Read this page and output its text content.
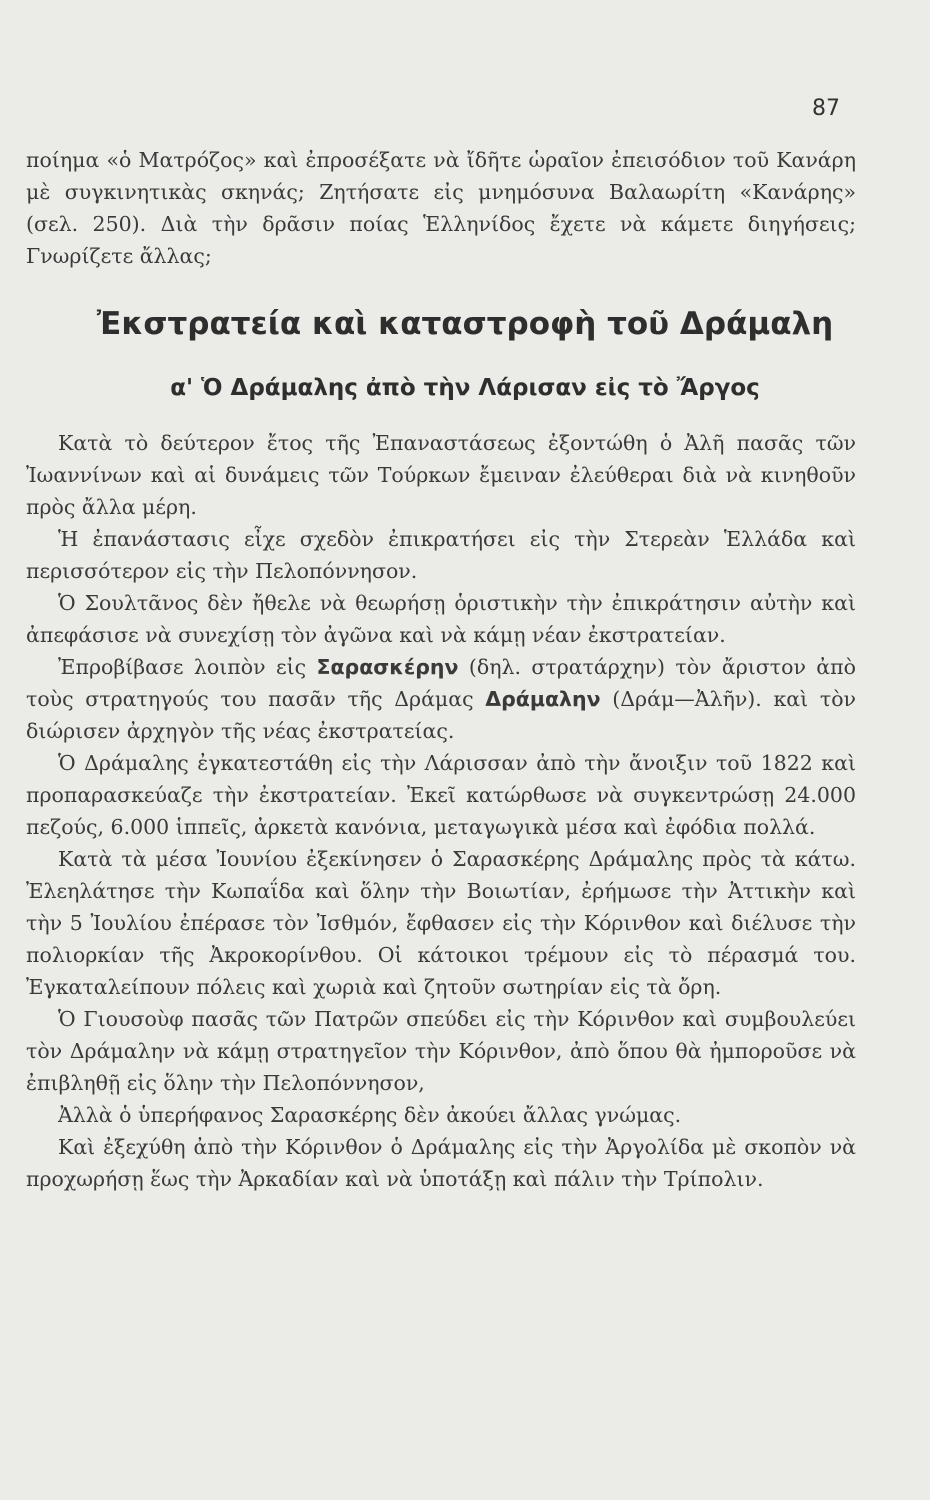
87

ποίημα «ὁ Ματρόζος» καὶ ἐπροσέξατε νὰ ἴδῆτε ὡραῖον ἐπεισόδιον τοῦ Κανάρη μὲ συγκινητικὰς σκηνάς; Ζητήσατε εἰς μνημόσυνα Βαλαωρίτη «Κανάρης» (σελ. 250). Διὰ τὴν δρᾶσιν ποίας Ἑλληνίδος ἔχετε νὰ κάμετε διηγήσεις; Γνωρίζετε ἄλλας;

Ἐκστρατεία καὶ καταστροφὴ τοῦ Δράμαλη
α' Ὁ Δράμαλης ἀπὸ τὴν Λάρισαν εἰς τὸ Ἄργος

Κατὰ τὸ δεύτερον ἔτος τῆς Ἐπαναστάσεως ἐξοντώθη ὁ Ἀλῆ πασᾶς τῶν Ἰωαννίνων καὶ αἱ δυνάμεις τῶν Τούρκων ἔμειναν ἐλεύθεραι διὰ νὰ κινηθοῦν πρὸς ἄλλα μέρη.

Ἡ ἐπανάστασις εἶχε σχεδὸν ἐπικρατήσει εἰς τὴν Στερεὰν Ἑλλάδα καὶ περισσότερον εἰς τὴν Πελοπόννησον.

Ὁ Σουλτᾶνος δὲν ἤθελε νὰ θεωρήσῃ ὁριστικὴν τὴν ἐπικράτησιν αὐτὴν καὶ ἀπεφάσισε νὰ συνεχίσῃ τὸν ἀγῶνα καὶ νὰ κάμῃ νέαν ἐκστρατείαν.

Ἐπροβίβασε λοιπὸν εἰς Σαρασκέρην (δηλ. στρατάρχην) τὸν ἄριστον ἀπὸ τοὺς στρατηγούς του πασᾶν τῆς Δράμας Δράμαλην (Δράμ—Ἀλῆν). καὶ τὸν διώρισεν ἀρχηγὸν τῆς νέας ἐκστρατείας.

Ὁ Δράμαλης ἐγκατεστάθη εἰς τὴν Λάρισσαν ἀπὸ τὴν ἄνοιξιν τοῦ 1822 καὶ προπαρασκεύαζε τὴν ἐκστρατείαν. Ἐκεῖ κατώρθωσε νὰ συγκεντρώσῃ 24.000 πεζούς, 6.000 ἱππεῖς, ἀρκετὰ κανόνια, μεταγωγικὰ μέσα καὶ ἐφόδια πολλά.

Κατὰ τὰ μέσα Ἰουνίου ἐξεκίνησεν ὁ Σαρασκέρης Δράμαλης πρὸς τὰ κάτω. Ἐλεηλάτησε τὴν Κωπαΐδα καὶ ὅλην τὴν Βοιωτίαν, ἐρήμωσε τὴν Ἀττικὴν καὶ τὴν 5 Ἰουλίου ἐπέρασε τὸν Ἰσθμόν, ἔφθασεν εἰς τὴν Κόρινθον καὶ διέλυσε τὴν πολιορκίαν τῆς Ἀκροκορίνθου. Οἱ κάτοικοι τρέμουν εἰς τὸ πέρασμά του. Ἐγκαταλείπουν πόλεις καὶ χωριὰ καὶ ζητοῦν σωτηρίαν εἰς τὰ ὄρη.

Ὁ Γιουσοὺφ πασᾶς τῶν Πατρῶν σπεύδει εἰς τὴν Κόρινθον καὶ συμβουλεύει τὸν Δράμαλην νὰ κάμῃ στρατηγεῖον τὴν Κόρινθον, ἀπὸ ὅπου θὰ ἠμποροῦσε νὰ ἐπιβληθῇ εἰς ὅλην τὴν Πελοπόννησον,

Ἀλλὰ ὁ ὑπερήφανος Σαρασκέρης δὲν ἀκούει ἄλλας γνώμας.

Καὶ ἐξεχύθη ἀπὸ τὴν Κόρινθον ὁ Δράμαλης εἰς τὴν Ἀργολίδα μὲ σκοπὸν νὰ προχωρήσῃ ἕως τὴν Ἀρκαδίαν καὶ νὰ ὑποτάξῃ καὶ πάλιν τὴν Τρίπολιν.
